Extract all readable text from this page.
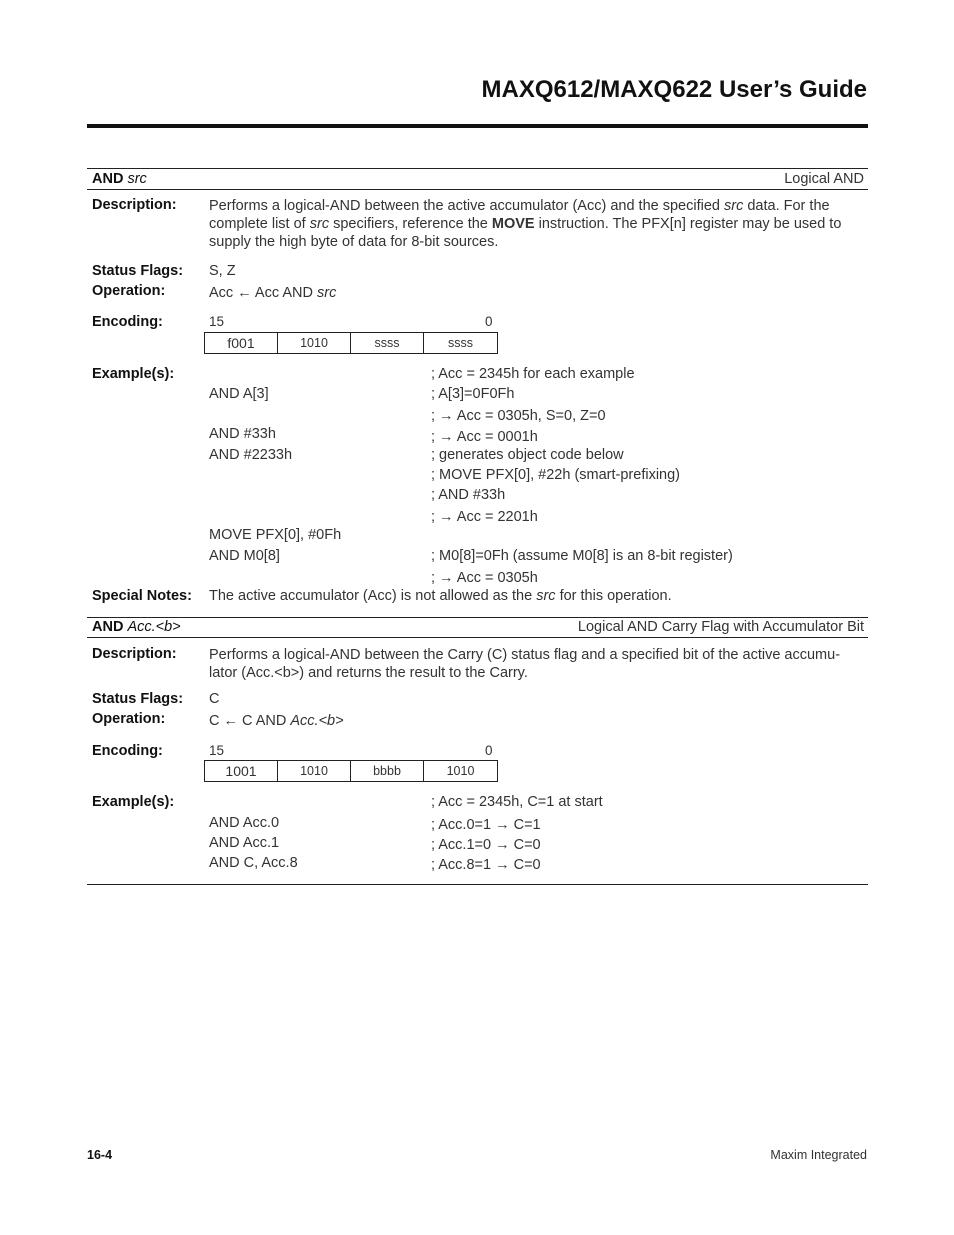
MAXQ612/MAXQ622 User’s Guide
AND src	Logical AND
Description: Performs a logical-AND between the active accumulator (Acc) and the specified src data. For the complete list of src specifiers, reference the MOVE instruction. The PFX[n] register may be used to supply the high byte of data for 8-bit sources.
Status Flags: S, Z
Operation:	Acc ← Acc AND src
Encoding:	15	0
f001	1010	ssss	ssss
Example(s):	; Acc = 2345h for each example
AND A[3]	; A[3]=0F0Fh
; → Acc = 0305h, S=0, Z=0
AND #33h	; → Acc = 0001h
AND #2233h	; generates object code below
; MOVE PFX[0], #22h (smart-prefixing)
; AND #33h
; → Acc = 2201h
MOVE PFX[0], #0Fh
AND M0[8]	; M0[8]=0Fh (assume M0[8] is an 8-bit register)
; → Acc = 0305h
Special Notes: The active accumulator (Acc) is not allowed as the src for this operation.
AND Acc.<b>	Logical AND Carry Flag with Accumulator Bit
Description: Performs a logical-AND between the Carry (C) status flag and a specified bit of the active accumu-lator (Acc.<b>) and returns the result to the Carry.
Status Flags: C
Operation:	C ← C AND Acc.<b>
Encoding:	15	0
1001	1010	bbbb	1010
Example(s):	; Acc = 2345h, C=1 at start
AND Acc.0	; Acc.0=1 → C=1
AND Acc.1	; Acc.1=0 → C=0
AND C, Acc.8	; Acc.8=1 → C=0
16-4	Maxim Integrated
